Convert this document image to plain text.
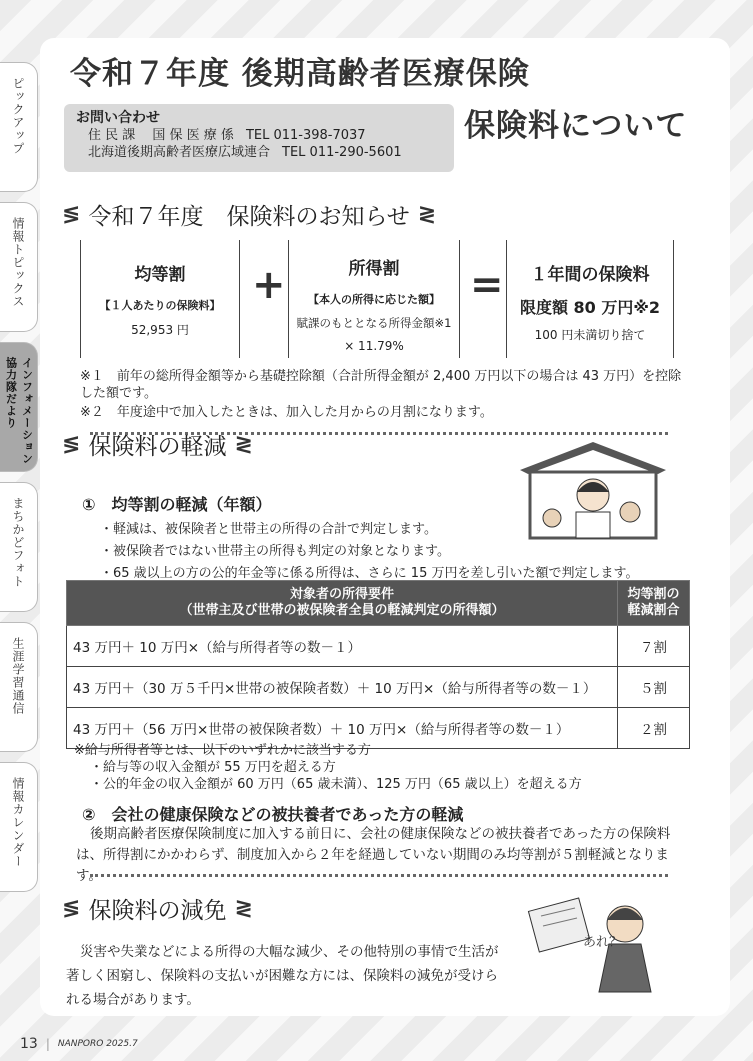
ピックアップ
情報トピックス
インフォメーション協力隊だより
まちかどフォト
生涯学習通信
情報カレンダー
令和７年度 後期高齢者医療保険
保険料について
お問い合わせ
住 民 課　 国 保 医 療 係 TEL 011-398-7037
北海道後期高齢者医療広域連合 TEL 011-290-5601
≶ 令和７年度　保険料のお知らせ ≷
均等割
【１人あたりの保険料】
52,953 円
+	所得割
【本人の所得に応じた額】
賦課のもととなる所得金額※1
× 11.79%
=	１年間の保険料
限度額 80 万円※2
100 円未満切り捨て
※１　前年の総所得金額等から基礎控除額（合計所得金額が 2,400 万円以下の場合は 43 万円）を控除した額です。
※２　年度途中で加入したときは、加入した月からの月割になります。
≶ 保険料の軽減 ≷
①　均等割の軽減（年額）
・軽減は、被保険者と世帯主の所得の合計で判定します。
・被保険者ではない世帯主の所得も判定の対象となります。
・65 歳以上の方の公的年金等に係る所得は、さらに 15 万円を差し引いた額で判定します。
対象者の所得要件
（世帯主及び世帯の被保険者全員の軽減判定の所得額）	均等割の
軽減割合
43 万円＋ 10 万円×（給与所得者等の数－１）	７割
43 万円＋（30 万５千円×世帯の被保険者数）＋ 10 万円×（給与所得者等の数－１）	５割
43 万円＋（56 万円×世帯の被保険者数）＋ 10 万円×（給与所得者等の数－１）	２割
※給与所得者等とは、以下のいずれかに該当する方
・給与等の収入金額が 55 万円を超える方
・公的年金の収入金額が 60 万円（65 歳未満）、125 万円（65 歳以上）を超える方
②　会社の健康保険などの被扶養者であった方の軽減
後期高齢者医療保険制度に加入する前日に、会社の健康保険などの被扶養者であった方の保険料は、所得割にかかわらず、制度加入から２年を経過していない期間のみ均等割が５割軽減となります。
≶ 保険料の減免 ≷
災害や失業などによる所得の大幅な減少、その他特別の事情で生活が著しく困窮し、保険料の支払いが困難な方には、保険料の減免が受けられる場合があります。
あれ？
13 | NANPORO 2025.7
